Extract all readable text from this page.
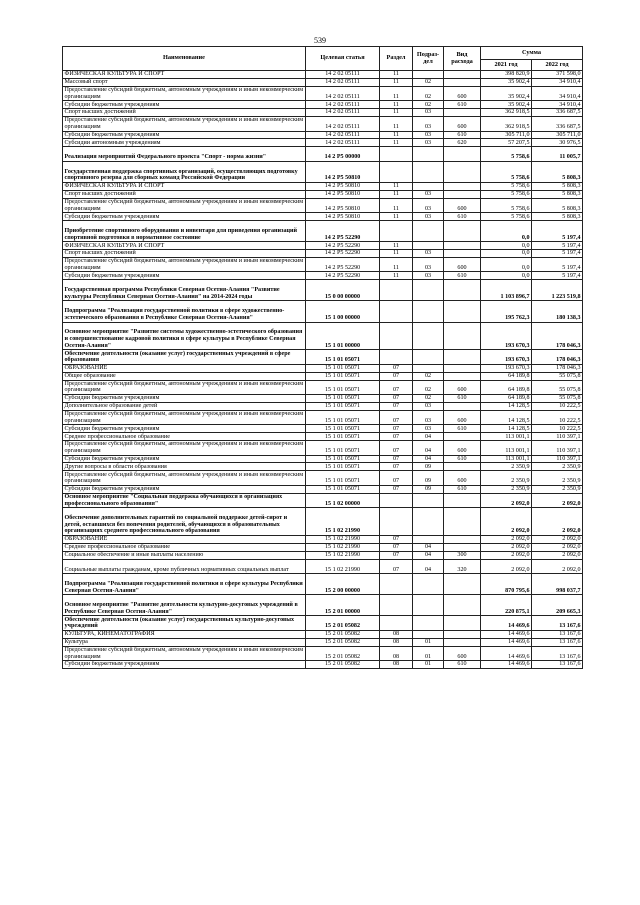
539
Наименование	Целевая статья	Раздел	Подраз-дел	Вид расхода	Сумма	
					2021 год	2022 год
ФИЗИЧЕСКАЯ КУЛЬТУРА И СПОРТ	14 2 02 05111	11			398 820,9	371 598,0
Массовый спорт	14 2 02 05111	11	02		35 902,4	34 910,4
Предоставление субсидий бюджетным, автономным учреждениям и иным некоммерческим организациям	14 2 02 05111	11	02	600	35 902,4	34 910,4
Субсидии бюджетным учреждениям	14 2 02 05111	11	02	610	35 902,4	34 910,4
Спорт высших достижений	14 2 02 05111	11	03		362 918,5	336 687,5
Предоставление субсидий бюджетным, автономным учреждениям и иным некоммерческим организациям	14 2 02 05111	11	03	600	362 918,5	336 687,5
Субсидии бюджетным учреждениям	14 2 02 05111	11	03	610	305 711,0	305 711,0
Субсидии автономным учреждениям	14 2 02 05111	11	03	620	57 207,5	30 976,5
Реализация мероприятий Федерального проекта "Спорт - норма жизни"	14 2 P5 00000				5 758,6	11 005,7
Государственная поддержка спортивных организаций, осуществляющих подготовку спортивного резерва для сборных команд Российской Федерации	14 2 P5 50810				5 758,6	5 808,3
ФИЗИЧЕСКАЯ КУЛЬТУРА И СПОРТ	14 2 P5 50810	11			5 758,6	5 808,3
Спорт высших достижений	14 2 P5 50810	11	03		5 758,6	5 808,3
Предоставление субсидий бюджетным, автономным учреждениям и иным некоммерческим организациям	14 2 P5 50810	11	03	600	5 758,6	5 808,3
Субсидии бюджетным учреждениям	14 2 P5 50810	11	03	610	5 758,6	5 808,3
Приобретение спортивного оборудования и инвентаря для приведения организаций спортивной подготовки в нормативное состояние	14 2 P5 52290				0,0	5 197,4
ФИЗИЧЕСКАЯ КУЛЬТУРА И СПОРТ	14 2 P5 52290	11			0,0	5 197,4
Спорт высших достижений	14 2 P5 52290	11	03		0,0	5 197,4
Предоставление субсидий бюджетным, автономным учреждениям и иным некоммерческим организациям	14 2 P5 52290	11	03	600	0,0	5 197,4
Субсидии бюджетным учреждениям	14 2 P5 52290	11	03	610	0,0	5 197,4
Государственная программа Республики Северная Осетия-Алания "Развитие культуры Республики Северная Осетия-Алания" на 2014-2024 годы	15 0 00 00000				1 103 896,7	1 223 519,8
Подпрограмма "Реализация государственной политики в сфере художественно-эстетического образования в Республике Северная Осетия-Алания"	15 1 00 00000				195 762,3	180 138,3
Основное мероприятие "Развитие системы художественно-эстетического образования и совершенствование кадровой политики в сфере культуры в Республике Северная Осетия-Алания"	15 1 01 00000				193 670,3	178 046,3
Обеспечение деятельности (оказание услуг) государственных учреждений в сфере образования	15 1 01 05071				193 670,3	178 046,3
ОБРАЗОВАНИЕ	15 1 01 05071	07			193 670,3	178 046,3
Общее образование	15 1 01 05071	07	02		64 189,8	55 075,8
Предоставление субсидий бюджетным, автономным учреждениям и иным некоммерческим организациям	15 1 01 05071	07	02	600	64 189,8	55 075,8
Субсидии бюджетным учреждениям	15 1 01 05071	07	02	610	64 189,8	55 075,8
Дополнительное образование детей	15 1 01 05071	07	03		14 128,5	10 222,5
Предоставление субсидий бюджетным, автономным учреждениям и иным некоммерческим организациям	15 1 01 05071	07	03	600	14 128,5	10 222,5
Субсидии бюджетным учреждениям	15 1 01 05071	07	03	610	14 128,5	10 222,5
Среднее профессиональное образование	15 1 01 05071	07	04		113 001,1	110 397,1
Предоставление субсидий бюджетным, автономным учреждениям и иным некоммерческим организациям	15 1 01 05071	07	04	600	113 001,1	110 397,1
Субсидии бюджетным учреждениям	15 1 01 05071	07	04	610	113 001,1	110 397,1
Другие вопросы в области образования	15 1 01 05071	07	09		2 350,9	2 350,9
Предоставление субсидий бюджетным, автономным учреждениям и иным некоммерческим организациям	15 1 01 05071	07	09	600	2 350,9	2 350,9
Субсидии бюджетным учреждениям	15 1 01 05071	07	09	610	2 350,9	2 350,9
Основное мероприятие "Социальная поддержка обучающихся в организациях профессионального образования"	15 1 02 00000				2 092,0	2 092,0
Обеспечение дополнительных гарантий по социальной поддержке детей-сирот и детей, оставшихся без попечения родителей, обучающихся в образовательных организациях среднего профессионального образования	15 1 02 21990				2 092,0	2 092,0
ОБРАЗОВАНИЕ	15 1 02 21990	07			2 092,0	2 092,0
Среднее профессиональное образование	15 1 02 21990	07	04		2 092,0	2 092,0
Социальное обеспечение и иные выплаты населению	15 1 02 21990	07	04	300	2 092,0	2 092,0
Социальные выплаты гражданам, кроме публичных нормативных социальных выплат	15 1 02 21990	07	04	320	2 092,0	2 092,0
Подпрограмма "Реализация государственной политики в сфере культуры Республики Северная Осетия-Алания"	15 2 00 00000				870 795,6	998 037,7
Основное мероприятие "Развитие деятельности культурно-досуговых учреждений в Республике Северная Осетия-Алания"	15 2 01 00000				220 875,1	209 665,3
Обеспечение деятельности (оказание услуг) государственных культурно-досуговых учреждений	15 2 01 05082				14 469,6	13 167,6
КУЛЬТУРА, КИНЕМАТОГРАФИЯ	15 2 01 05082	08			14 469,6	13 167,6
Культура	15 2 01 05082	08	01		14 469,6	13 167,6
Предоставление субсидий бюджетным, автономным учреждениям и иным некоммерческим организациям	15 2 01 05082	08	01	600	14 469,6	13 167,6
Субсидии бюджетным учреждениям	15 2 01 05082	08	01	610	14 469,6	13 167,6
